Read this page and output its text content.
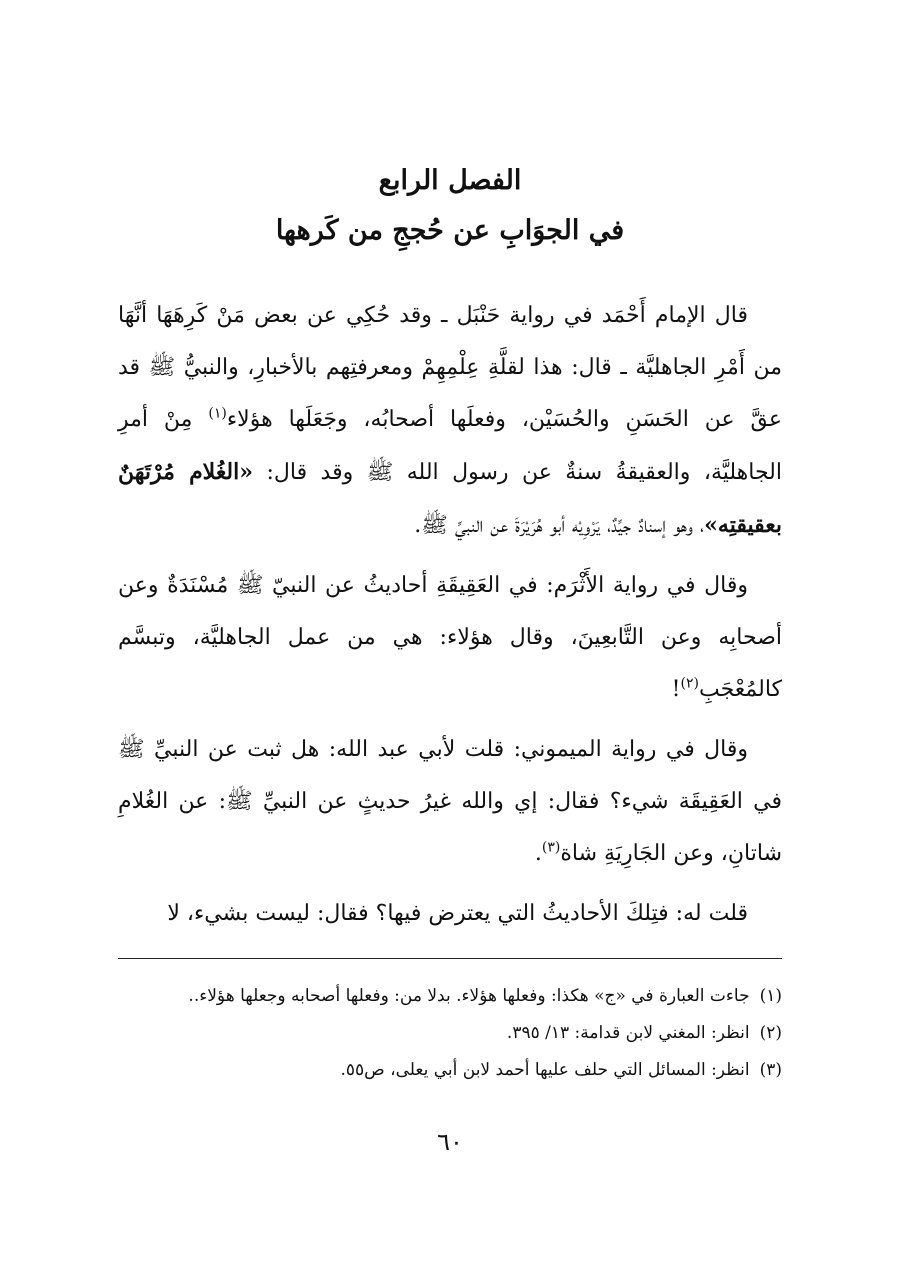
الفصل الرابع
في الجوَابِ عن حُججِ من كَرهها

قال الإمام أَحْمَد في رواية حَنْبَل ـ وقد حُكِي عن بعض مَنْ كَرِهَهَا أنَّهَا من أَمْرِ الجاهليَّة ـ قال: هذا لقلَّةِ عِلْمِهِمْ ومعرفتِهم بالأخبارِ، والنبيُّ ﷺ قد عقَّ عن الحَسَنِ والحُسَيْن، وفعلَها أصحابُه، وجَعَلَها هؤلاء$^{(١)}$ مِنْ أمرِ الجاهليَّة، والعقيقةُ سنةٌ عن رسول الله ﷺ وقد قال: «الغُلام مُرْتَهَنٌ بعقيقتِه»، وهو إسنادٌ جيِّدٌ، يَرْوِيْه أبو هُرَيْرَةَ عن النبيِّ ﷺ.

وقال في رواية الأَثْرَم: في العَقِيقَةِ أحاديثُ عن النبيّ ﷺ مُسْنَدَةٌ وعن أصحابِه وعن التَّابعِينَ، وقال هؤلاء: هي من عمل الجاهليَّة، وتبسَّم كالمُعْجَبِ$^{(٢)}$!

وقال في رواية الميموني: قلت لأبي عبد الله: هل ثبت عن النبيِّ ﷺ في العَقِيقَة شيء؟ فقال: إي والله غيرُ حديثٍ عن النبيِّ ﷺ: عن الغُلامِ شاتانِ، وعن الجَارِيَةِ شاة$^{(٣)}$.

قلت له: فتِلكَ الأحاديثُ التي يعترض فيها؟ فقال: ليست بشيء، لا

(١)جاءت العبارة في «ج» هكذا: وفعلها هؤلاء. بدلا من: وفعلها أصحابه وجعلها هؤلاء..

(٢)انظر: المغني لابن قدامة: ١٣/ ٣٩٥.

(٣)انظر: المسائل التي حلف عليها أحمد لابن أبي يعلى، ص٥٥.

٦٠
